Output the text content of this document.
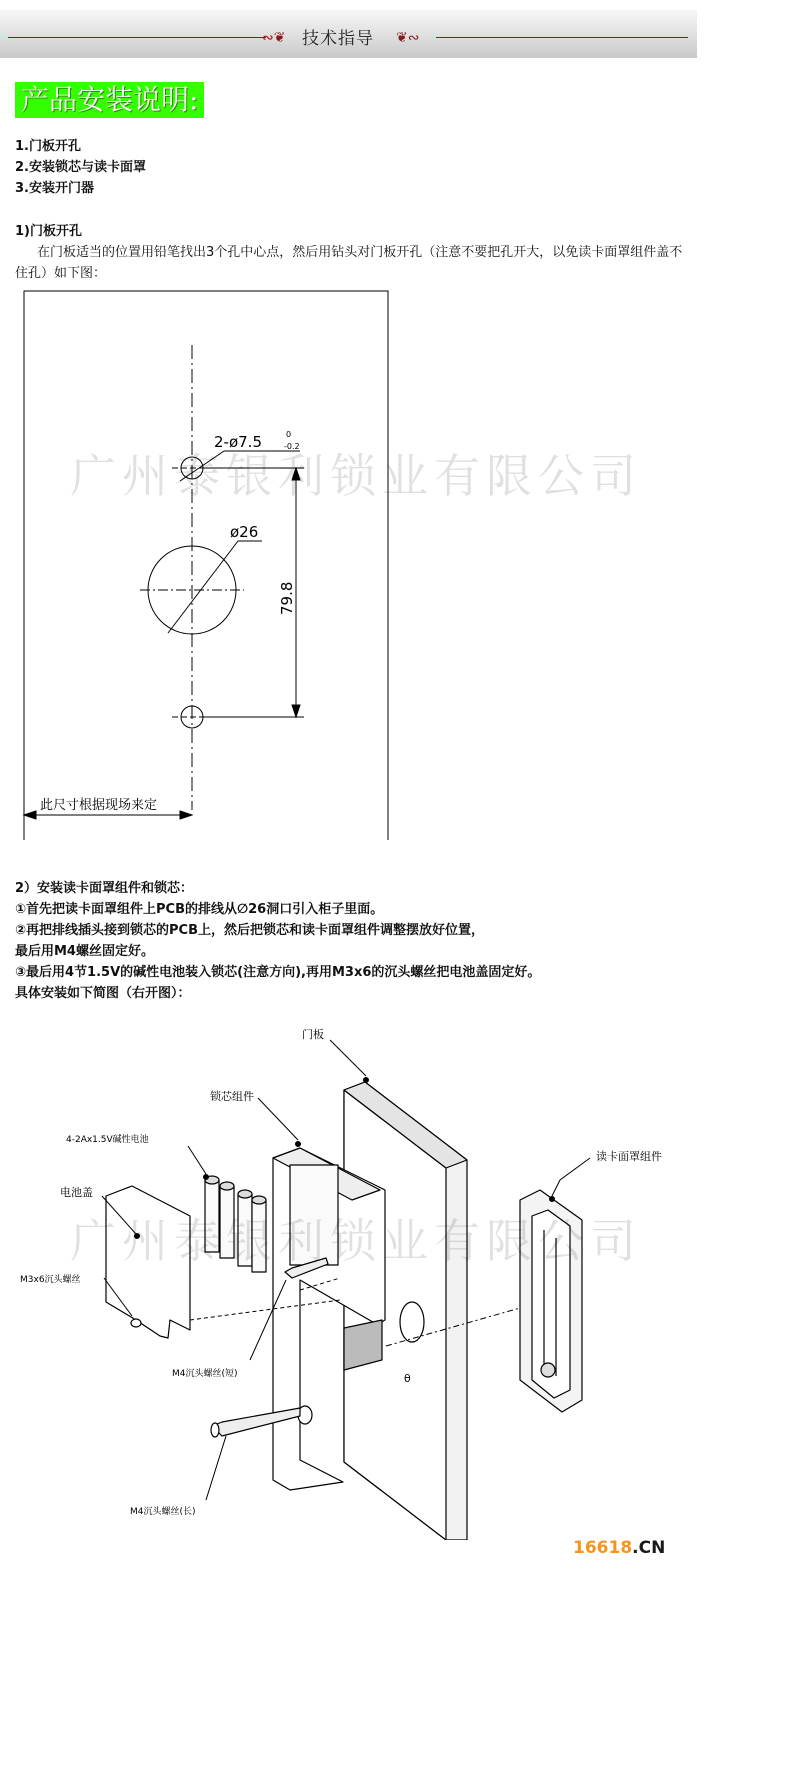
∾❦ 技术指导 ❦∾
产品安装说明:
1.门板开孔
2.安装锁芯与读卡面罩
3.安装开门器
1)门板开孔
在门板适当的位置用铅笔找出3个孔中心点，然后用钻头对门板开孔（注意不要把孔开大，以免读卡面罩组件盖不住孔）如下图：
2-ø7.5	0
-0.2
ø26
79.8
此尺寸根据现场来定
广州泰银利锁业有限公司
2）安装读卡面罩组件和锁芯：
①首先把读卡面罩组件上PCB的排线从∅26洞口引入柜子里面。
②再把排线插头接到锁芯的PCB上，然后把锁芯和读卡面罩组件调整摆放好位置，
最后用M4螺丝固定好。
③最后用4节1.5V的碱性电池装入锁芯(注意方向),再用M3x6的沉头螺丝把电池盖固定好。
具体安装如下简图（右开图）：
θ
门板
锁芯组件
4-2Ax1.5V碱性电池
电池盖
M3x6沉头螺丝
读卡面罩组件
M4沉头螺丝(短)
M4沉头螺丝(长)
广州泰银利锁业有限公司
16618.CN
